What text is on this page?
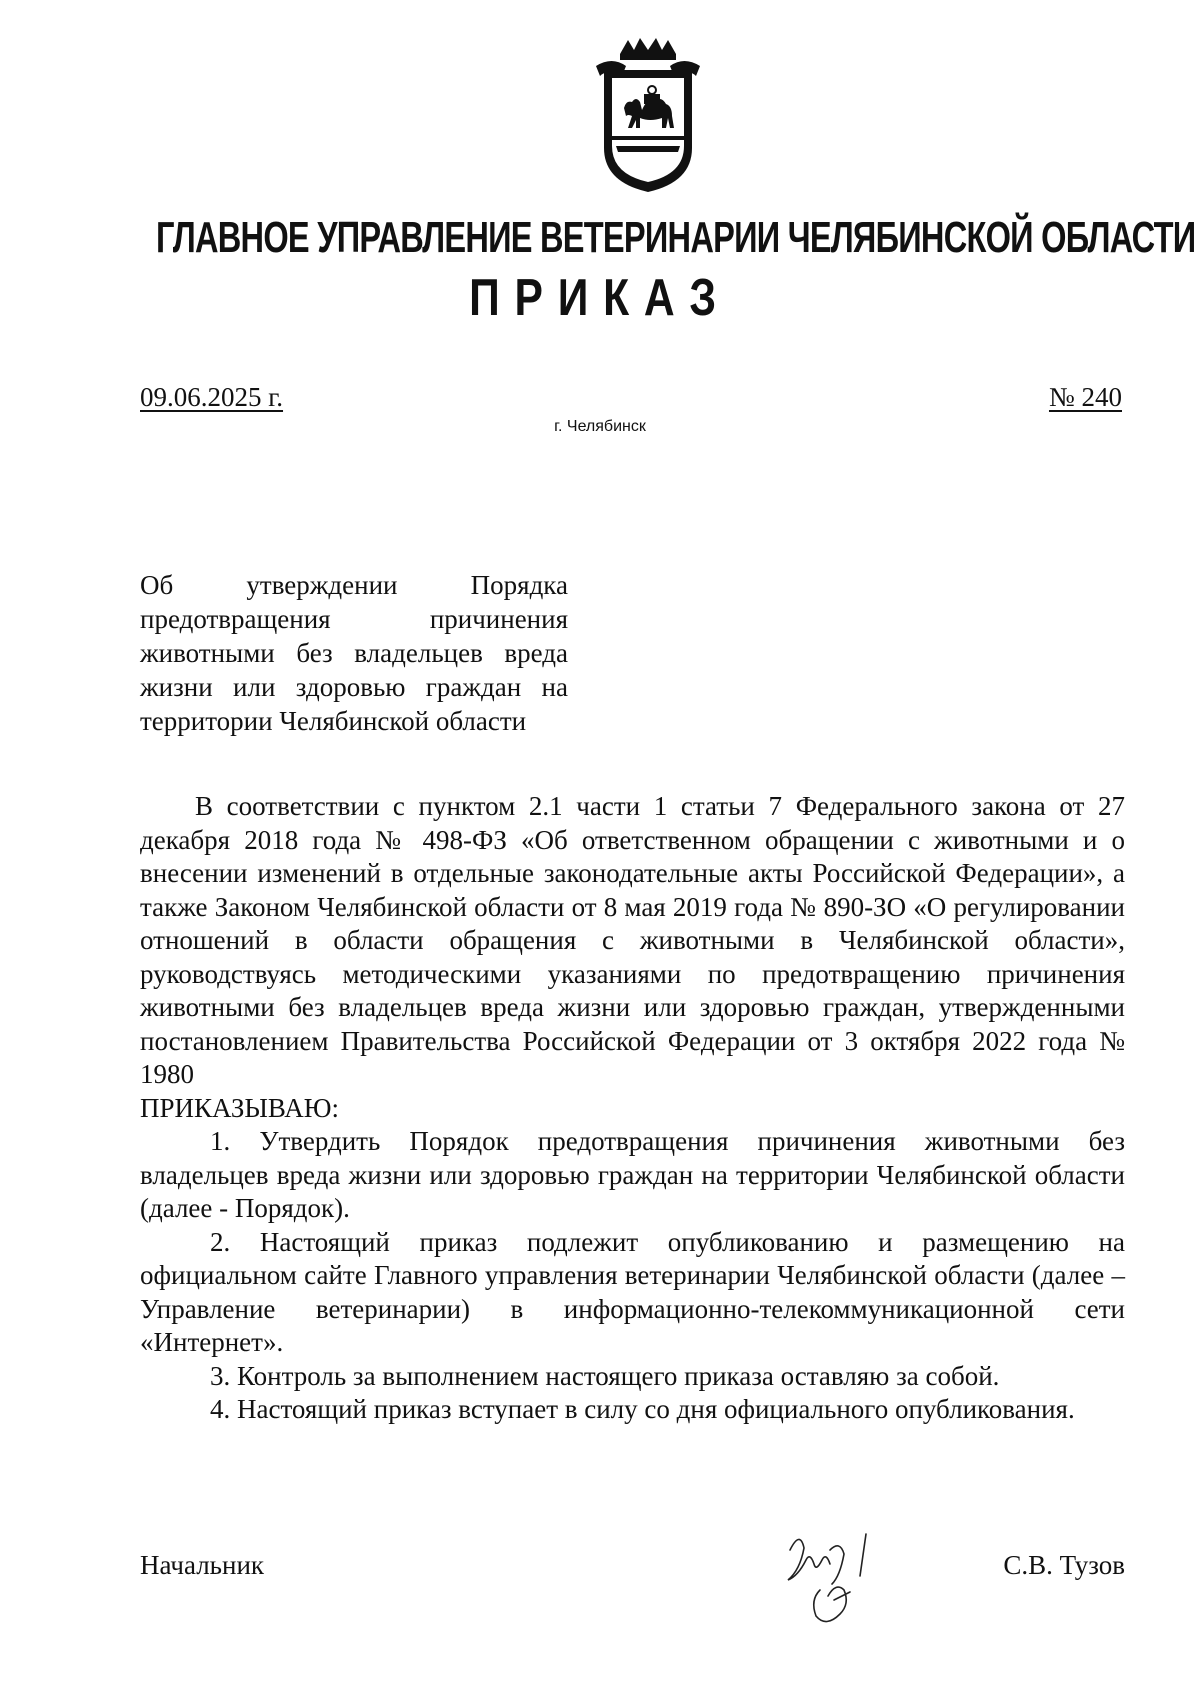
ГЛАВНОЕ УПРАВЛЕНИЕ ВЕТЕРИНАРИИ ЧЕЛЯБИНСКОЙ ОБЛАСТИ
ПРИКАЗ
09.06.2025 г.	№ 240
г. Челябинск
Об утверждении Порядка
предотвращения причинения
животными без владельцев вреда
жизни или здоровью граждан на
территории Челябинской области

В соответствии с пунктом 2.1 части 1 статьи 7 Федерального закона от 27 декабря 2018 года № 498-ФЗ «Об ответственном обращении с животными и о внесении изменений в отдельные законодательные акты Российской Федерации», а также Законом Челябинской области от 8 мая 2019 года № 890-ЗО «О регулировании отношений в области обращения с животными в Челябинской области», руководствуясь методическими указаниями по предотвращению причинения животными без владельцев вреда жизни или здоровью граждан, утвержденными постановлением Правительства Российской Федерации от 3 октября 2022 года № 1980

ПРИКАЗЫВАЮ:

1. Утвердить Порядок предотвращения причинения животными без владельцев вреда жизни или здоровью граждан на территории Челябинской области (далее - Порядок).

2. Настоящий приказ подлежит опубликованию и размещению на официальном сайте Главного управления ветеринарии Челябинской области (далее – Управление ветеринарии) в информационно-телекоммуникационной сети «Интернет».

3. Контроль за выполнением настоящего приказа оставляю за собой.

4. Настоящий приказ вступает в силу со дня официального опубликования.

Начальник	С.В. Тузов
